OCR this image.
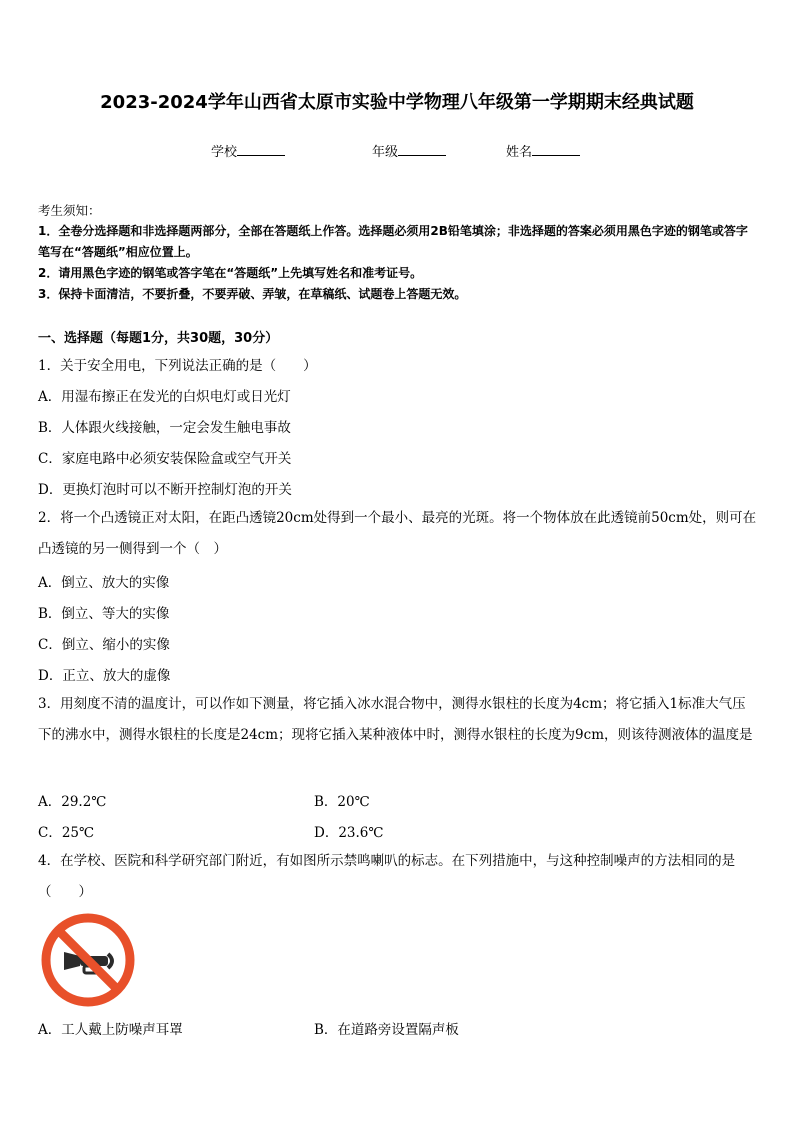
2023-2024学年山西省太原市实验中学物理八年级第一学期期末经典试题
学校	年级	姓名
考生须知：
1．全卷分选择题和非选择题两部分，全部在答题纸上作答。选择题必须用2B铅笔填涂；非选择题的答案必须用黑色字迹的钢笔或答字笔写在“答题纸”相应位置上。
2．请用黑色字迹的钢笔或答字笔在“答题纸”上先填写姓名和准考证号。
3．保持卡面清洁，不要折叠，不要弄破、弄皱，在草稿纸、试题卷上答题无效。
一、选择题（每题1分，共30题，30分）
1．关于安全用电，下列说法正确的是（　　）
A．用湿布擦正在发光的白炽电灯或日光灯
B．人体跟火线接触，一定会发生触电事故
C．家庭电路中必须安装保险盒或空气开关
D．更换灯泡时可以不断开控制灯泡的开关
2．将一个凸透镜正对太阳，在距凸透镜20cm处得到一个最小、最亮的光斑。将一个物体放在此透镜前50cm处，则可在凸透镜的另一侧得到一个（　）
A．倒立、放大的实像
B．倒立、等大的实像
C．倒立、缩小的实像
D．正立、放大的虚像
3．用刻度不清的温度计，可以作如下测量，将它插入冰水混合物中，测得水银柱的长度为4cm；将它插入1标准大气压下的沸水中，测得水银柱的长度是24cm；现将它插入某种液体中时，测得水银柱的长度为9cm，则该待测液体的温度是
A．29.2℃	B．20℃
C．25℃	D．23.6℃
4．在学校、医院和科学研究部门附近，有如图所示禁鸣喇叭的标志。在下列措施中，与这种控制噪声的方法相同的是（　　）
A．工人戴上防噪声耳罩	B．在道路旁设置隔声板
